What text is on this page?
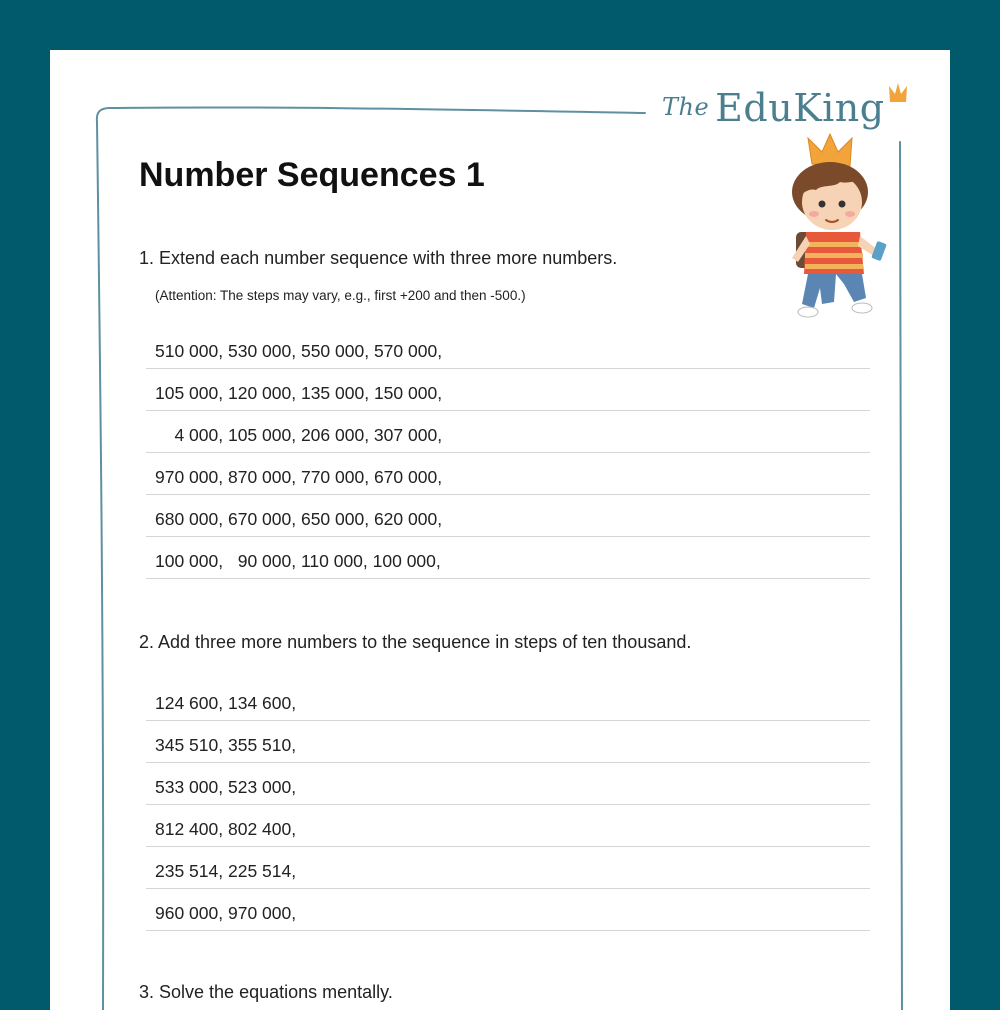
The EduKing
Number Sequences 1
1. Extend each number sequence with three more numbers.
(Attention: The steps may vary, e.g., first +200 and then -500.)
510 000, 530 000, 550 000, 570 000,
105 000, 120 000, 135 000, 150 000,
4 000, 105 000, 206 000, 307 000,
970 000, 870 000, 770 000, 670 000,
680 000, 670 000, 650 000, 620 000,
100 000,   90 000, 110 000, 100 000,
2. Add three more numbers to the sequence in steps of ten thousand.
124 600, 134 600,
345 510, 355 510,
533 000, 523 000,
812 400, 802 400,
235 514, 225 514,
960 000, 970 000,
3. Solve the equations mentally.
